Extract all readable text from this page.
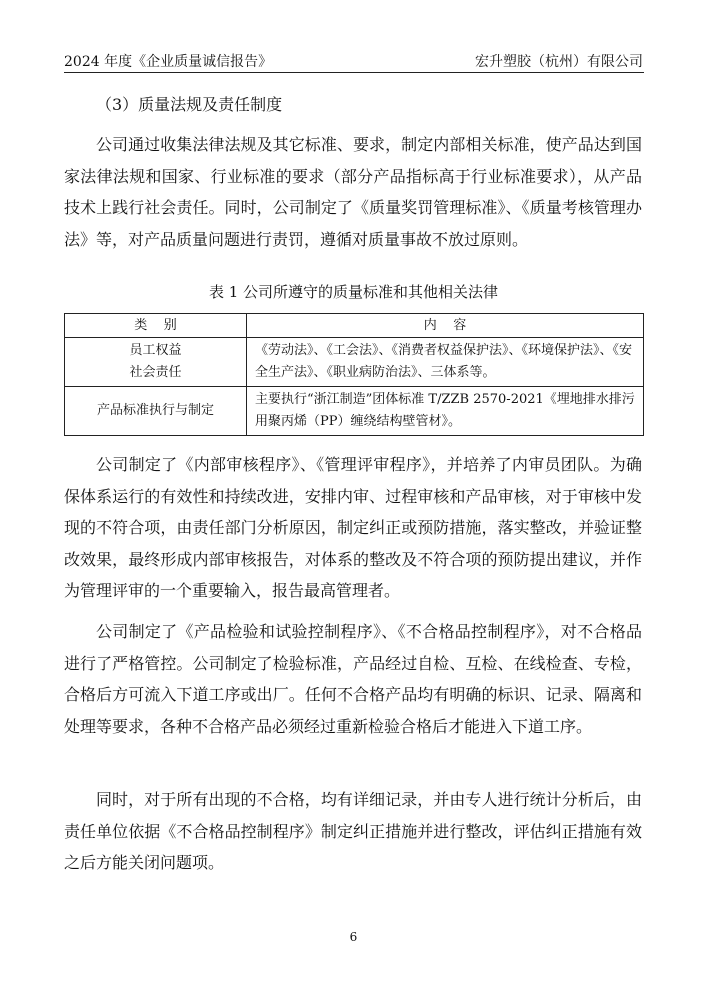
2024 年度《企业质量诚信报告》	宏升塑胶（杭州）有限公司
（3）质量法规及责任制度

公司通过收集法律法规及其它标准、要求，制定内部相关标准，使产品达到国家法律法规和国家、行业标准的要求（部分产品指标高于行业标准要求），从产品技术上践行社会责任。同时，公司制定了《质量奖罚管理标准》、《质量考核管理办法》等，对产品质量问题进行责罚，遵循对质量事故不放过原则。

表 1 公司所遵守的质量标准和其他相关法律
类    别	内    容

员工权益
社会责任	《劳动法》、《工会法》、《消费者权益保护法》、《环境保护法》、《安全生产法》、《职业病防治法》、三体系等。

产品标准执行与制定	主要执行“浙江制造”团体标准 T/ZZB 2570-2021《埋地排水排污用聚丙烯（PP）缠绕结构壁管材》。

公司制定了《内部审核程序》、《管理评审程序》，并培养了内审员团队。为确保体系运行的有效性和持续改进，安排内审、过程审核和产品审核，对于审核中发现的不符合项，由责任部门分析原因，制定纠正或预防措施，落实整改，并验证整改效果，最终形成内部审核报告，对体系的整改及不符合项的预防提出建议，并作为管理评审的一个重要输入，报告最高管理者。

公司制定了《产品检验和试验控制程序》、《不合格品控制程序》，对不合格品进行了严格管控。公司制定了检验标准，产品经过自检、互检、在线检查、专检，合格后方可流入下道工序或出厂。任何不合格产品均有明确的标识、记录、隔离和处理等要求，各种不合格产品必须经过重新检验合格后才能进入下道工序。

同时，对于所有出现的不合格，均有详细记录，并由专人进行统计分析后，由责任单位依据《不合格品控制程序》制定纠正措施并进行整改，评估纠正措施有效之后方能关闭问题项。

6
